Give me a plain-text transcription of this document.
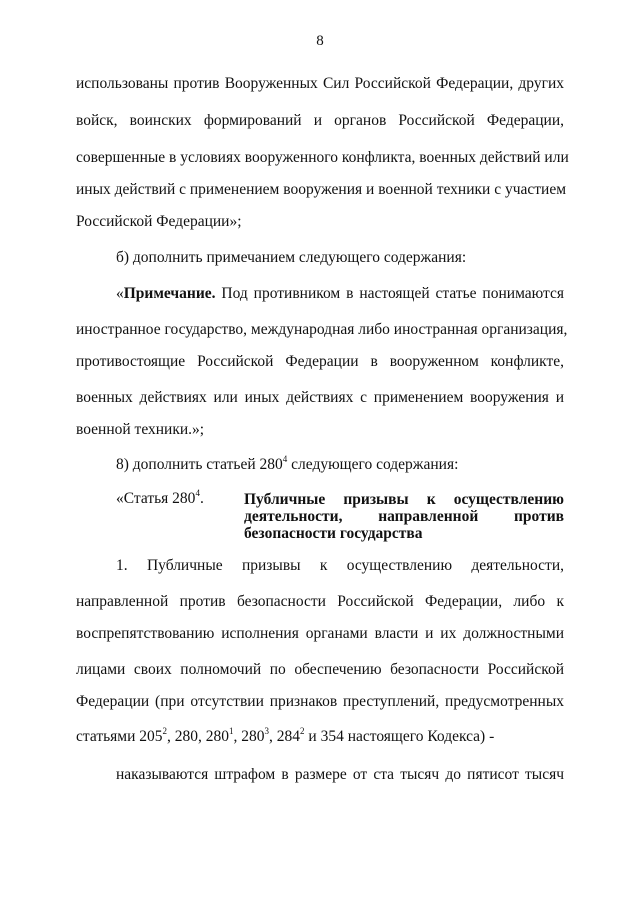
8
использованы против Вооруженных Сил Российской Федерации, других
войск, воинских формирований и органов Российской Федерации,
совершенные в условиях вооруженного конфликта, военных действий или
иных действий с применением вооружения и военной техники с участием
Российской Федерации»;
б) дополнить примечанием следующего содержания:
«Примечание. Под противником в настоящей статье понимаются
иностранное государство, международная либо иностранная организация,
противостоящие Российской Федерации в вооруженном конфликте,
военных действиях или иных действиях с применением вооружения и
военной техники.»;
8) дополнить статьей $280^4$ следующего содержания:
«Статья $280^4$.	Публичные призывы к осуществлению
деятельности, направленной против
безопасности государства
1. Публичные призывы к осуществлению деятельности,
направленной против безопасности Российской Федерации, либо к
воспрепятствованию исполнения органами власти и их должностными
лицами своих полномочий по обеспечению безопасности Российской
Федерации (при отсутствии признаков преступлений, предусмотренных
статьями $205^2$, 280, $280^1$, $280^3$, $284^2$ и 354 настоящего Кодекса) -
наказываются штрафом в размере от ста тысяч до пятисот тысяч
